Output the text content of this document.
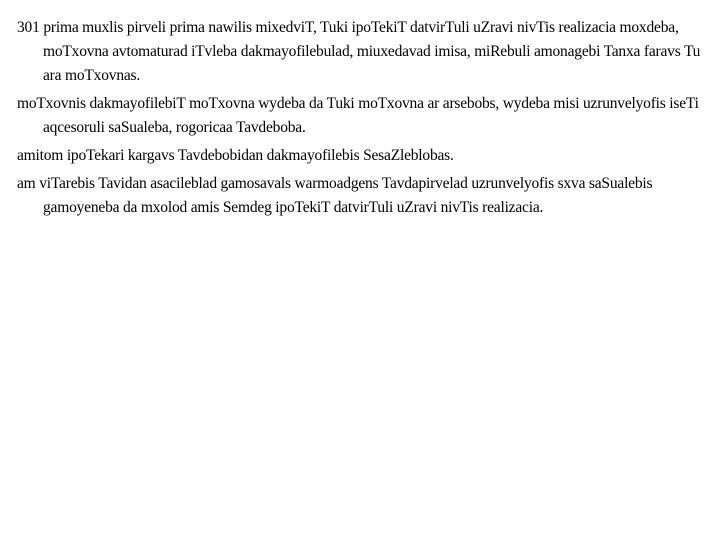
301 prima muxlis pirveli prima nawilis mixedviT, Tuki ipoTekiT datvirTuli uZravi nivTis realizacia moxdeba, moTxovna avtomaturad iTvleba dakmayofilebulad, miuxedavad imisa, miRebuli amonagebi Tanxa faravs Tu ara moTxovnas.

moTxovnis dakmayofilebiT moTxovna wydeba da Tuki moTxovna ar arsebobs, wydeba misi uzrunvelyofis iseTi aqcesoruli saSualeba, rogoricaa Tavdeboba.

amitom ipoTekari kargavs Tavdebobidan dakmayofilebis SesaZleblobas.

am viTarebis Tavidan asacileblad gamosavals warmoadgens Tavdapirvelad uzrunvelyofis sxva saSualebis gamoyeneba da mxolod amis Semdeg ipoTekiT datvirTuli uZravi nivTis realizacia.
